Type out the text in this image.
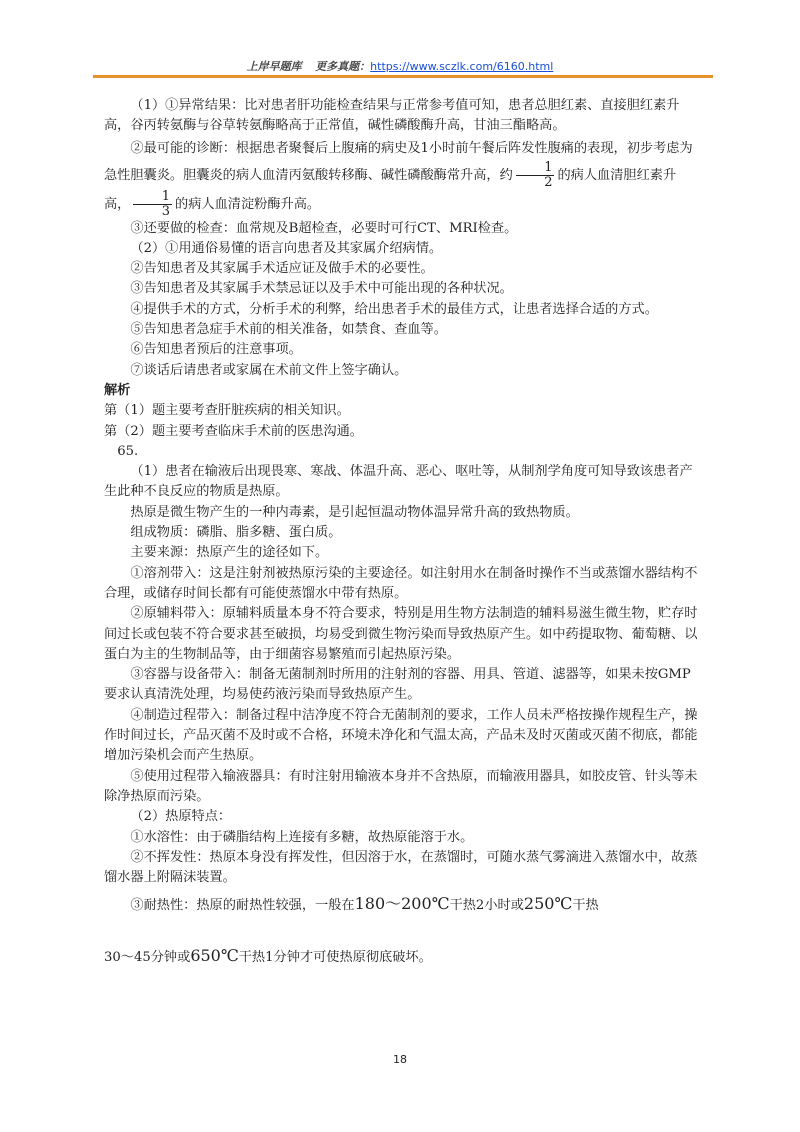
上岸早题库 更多真题：https://www.sczlk.com/6160.html

（1）①异常结果：比对患者肝功能检查结果与正常参考值可知，患者总胆红素、直接胆红素升高，谷丙转氨酶与谷草转氨酶略高于正常值，碱性磷酸酶升高，甘油三酯略高。

②最可能的诊断：根据患者聚餐后上腹痛的病史及1小时前午餐后阵发性腹痛的表现，初步考虑为急性胆囊炎。胆囊炎的病人血清丙氨酸转移酶、碱性磷酸酶常升高，约 $\frac{1}{2}$ 的病人血清胆红素升高， $\frac{1}{3}$ 的病人血清淀粉酶升高。

③还要做的检查：血常规及B超检查，必要时可行CT、MRI检查。

（2）①用通俗易懂的语言向患者及其家属介绍病情。

②告知患者及其家属手术适应证及做手术的必要性。

③告知患者及其家属手术禁忌证以及手术中可能出现的各种状况。

④提供手术的方式，分析手术的利弊，给出患者手术的最佳方式，让患者选择合适的方式。

⑤告知患者急症手术前的相关准备，如禁食、查血等。

⑥告知患者预后的注意事项。

⑦谈话后请患者或家属在术前文件上签字确认。

解析

第（1）题主要考查肝脏疾病的相关知识。

第（2）题主要考查临床手术前的医患沟通。

65.

（1）患者在输液后出现畏寒、寒战、体温升高、恶心、呕吐等，从制剂学角度可知导致该患者产生此种不良反应的物质是热原。

热原是微生物产生的一种内毒素，是引起恒温动物体温异常升高的致热物质。

组成物质：磷脂、脂多糖、蛋白质。

主要来源：热原产生的途径如下。

①溶剂带入：这是注射剂被热原污染的主要途径。如注射用水在制备时操作不当或蒸馏水器结构不合理，或储存时间长都有可能使蒸馏水中带有热原。

②原辅料带入：原辅料质量本身不符合要求，特别是用生物方法制造的辅料易滋生微生物，贮存时间过长或包装不符合要求甚至破损，均易受到微生物污染而导致热原产生。如中药提取物、葡萄糖、以蛋白为主的生物制品等，由于细菌容易繁殖而引起热原污染。

③容器与设备带入：制备无菌制剂时所用的注射剂的容器、用具、管道、滤器等，如果未按GMP要求认真清洗处理，均易使药液污染而导致热原产生。

④制造过程带入：制备过程中洁净度不符合无菌制剂的要求，工作人员未严格按操作规程生产，操作时间过长，产品灭菌不及时或不合格，环境未净化和气温太高，产品未及时灭菌或灭菌不彻底，都能增加污染机会而产生热原。

⑤使用过程带入输液器具：有时注射用输液本身并不含热原，而输液用器具，如胶皮管、针头等未除净热原而污染。

（2）热原特点：

①水溶性：由于磷脂结构上连接有多糖，故热原能溶于水。

②不挥发性：热原本身没有挥发性，但因溶于水，在蒸馏时，可随水蒸气雾滴进入蒸馏水中，故蒸馏水器上附隔沫装置。

③耐热性：热原的耐热性较强，一般在180～200℃干热2小时或250℃干热

30～45分钟或650℃干热1分钟才可使热原彻底破坏。

18
